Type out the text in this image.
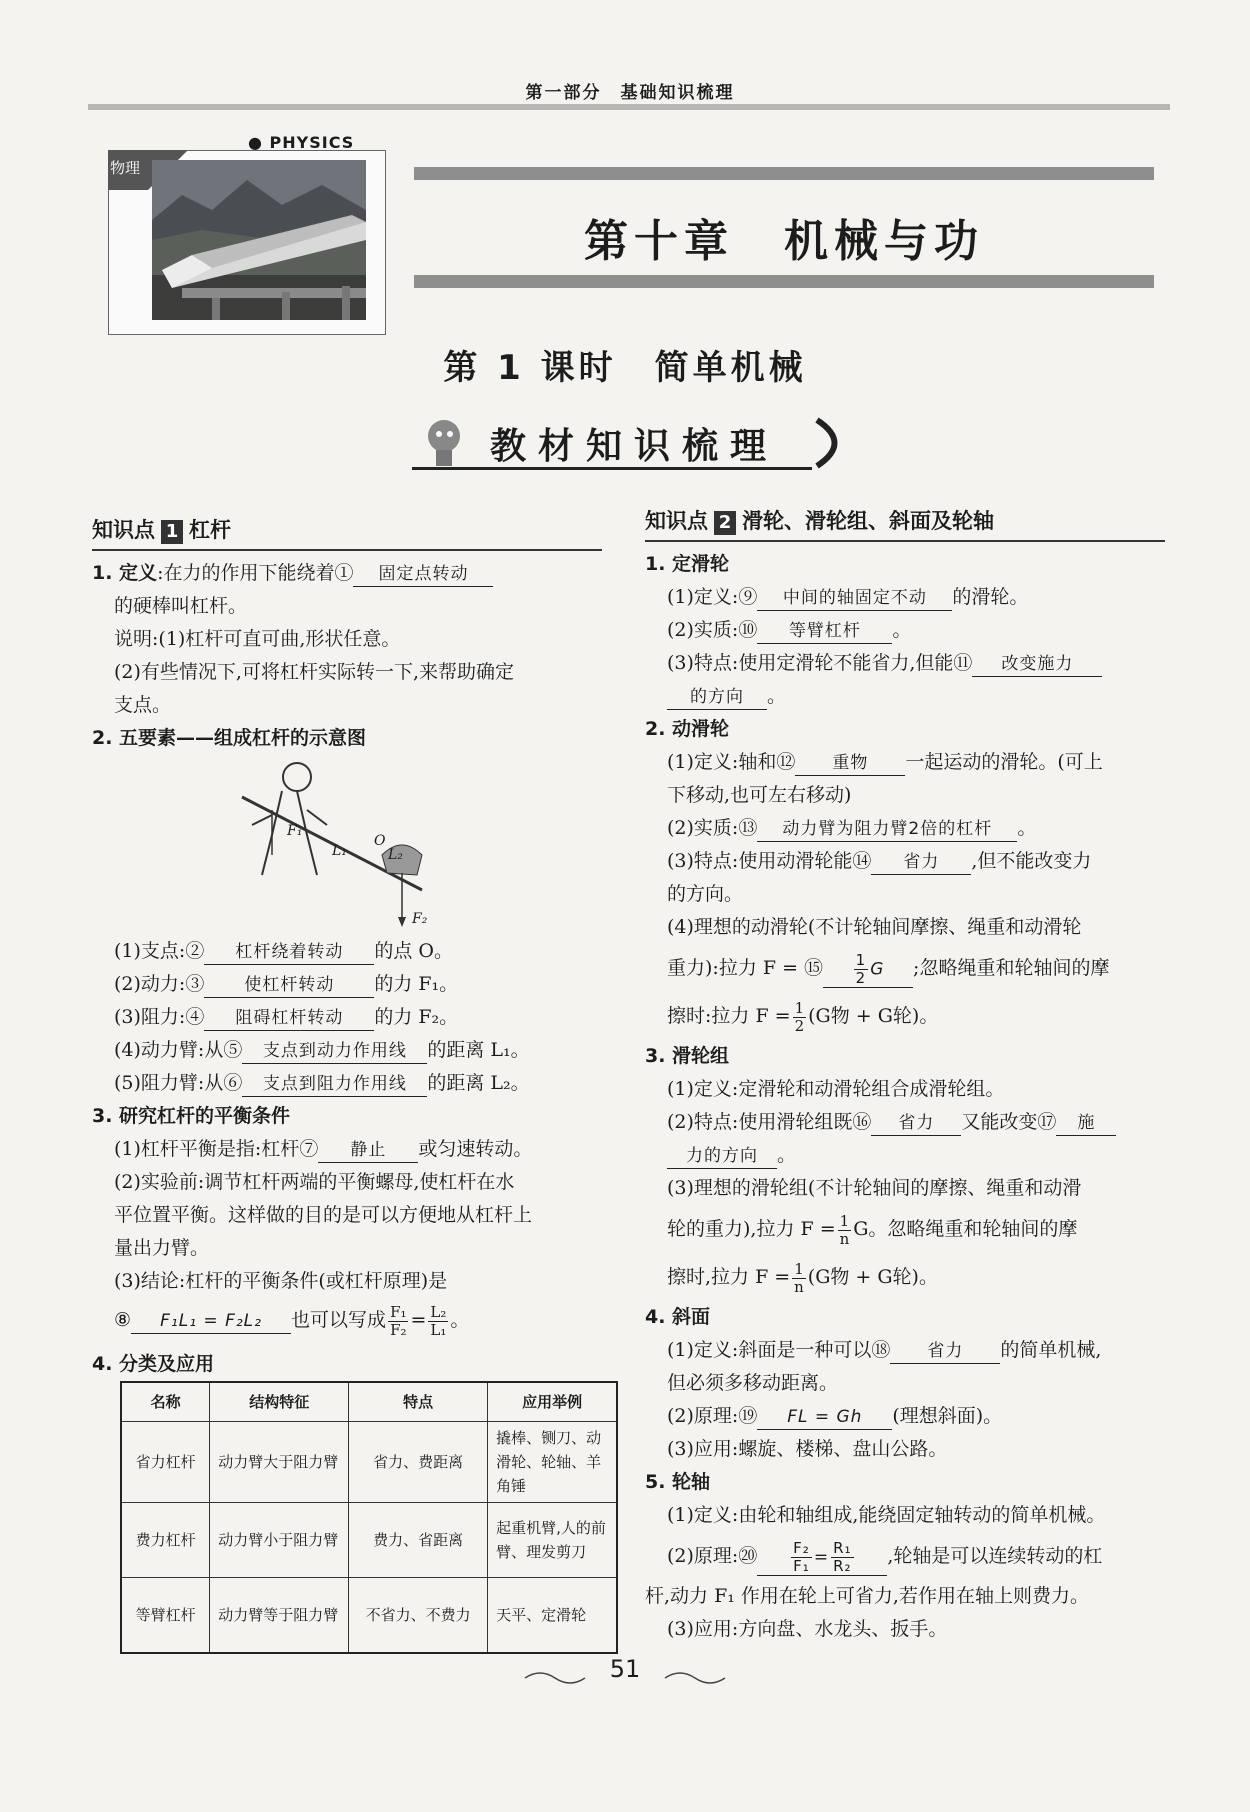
第一部分　基础知识梳理
● PHYSICS
物理
第十章　机械与功
第 1 课时　简单机械
教材知识梳理

知识点 1 杠杆

1. 定义:在力的作用下能绕着① 固定点转动

的硬棒叫杠杆。

说明:(1)杠杆可直可曲,形状任意。

(2)有些情况下,可将杠杆实际转一下,来帮助确定

支点。

2. 五要素——组成杠杆的示意图

F₁
L₁
O
L₂
F₂

(1)支点:② 杠杆绕着转动 的点 O。

(2)动力:③ 使杠杆转动 的力 F₁。

(3)阻力:④ 阻碍杠杆转动 的力 F₂。

(4)动力臂:从⑤ 支点到动力作用线 的距离 L₁。

(5)阻力臂:从⑥ 支点到阻力作用线 的距离 L₂。

3. 研究杠杆的平衡条件

(1)杠杆平衡是指:杠杆⑦ 静止 或匀速转动。

(2)实验前:调节杠杆两端的平衡螺母,使杠杆在水

平位置平衡。这样做的目的是可以方便地从杠杆上

量出力臂。

(3)结论:杠杆的平衡条件(或杠杆原理)是

⑧ F₁L₁ = F₂L₂ 也可以写成 $\frac{\text{F₁}}{\text{F₂}} = \frac{\text{L₂}}{\text{L₁}}$ 。

4. 分类及应用

名称	结构特征	特点	应用举例
省力杠杆	动力臂大于阻力臂	省力、费距离	撬棒、铡刀、动滑轮、轮轴、羊角锤
费力杠杆	动力臂小于阻力臂	费力、省距离	起重机臂,人的前臂、理发剪刀
等臂杠杆	动力臂等于阻力臂	不省力、不费力	天平、定滑轮

知识点 2 滑轮、滑轮组、斜面及轮轴

1. 定滑轮

(1)定义:⑨ 中间的轴固定不动 的滑轮。

(2)实质:⑩ 等臂杠杆 。

(3)特点:使用定滑轮不能省力,但能⑪ 改变施力

的方向 。

2. 动滑轮

(1)定义:轴和⑫ 重物 一起运动的滑轮。(可上

下移动,也可左右移动)

(2)实质:⑬ 动力臂为阻力臂2倍的杠杆 。

(3)特点:使用动滑轮能⑭ 省力 ,但不能改变力

的方向。

(4)理想的动滑轮(不计轮轴间摩擦、绳重和动滑轮

重力):拉力 F = ⑮ $\frac{1}{2}$ G ;忽略绳重和轮轴间的摩

擦时:拉力 $F = \frac{1}{2} (G$物 + G轮)。

3. 滑轮组

(1)定义:定滑轮和动滑轮组合成滑轮组。

(2)特点:使用滑轮组既⑯ 省力 又能改变⑰ 施

力的方向 。

(3)理想的滑轮组(不计轮轴间的摩擦、绳重和动滑

轮的重力),拉力 $F = \frac{1}{n}$ G。忽略绳重和轮轴间的摩

擦时,拉力 $F = \frac{1}{n} (G$物 + G轮)。

4. 斜面

(1)定义:斜面是一种可以⑱ 省力 的简单机械,

但必须多移动距离。

(2)原理:⑲ FL = Gh (理想斜面)。

(3)应用:螺旋、楼梯、盘山公路。

5. 轮轴

(1)定义:由轮和轴组成,能绕固定轴转动的简单机械。

(2)原理:⑳ $\frac{\text{F₂}}{\text{F₁}} = \frac{\text{R₁}}{\text{R₂}}$ ,轮轴是可以连续转动的杠

杆,动力 F₁ 作用在轮上可省力,若作用在轴上则费力。

(3)应用:方向盘、水龙头、扳手。

51
